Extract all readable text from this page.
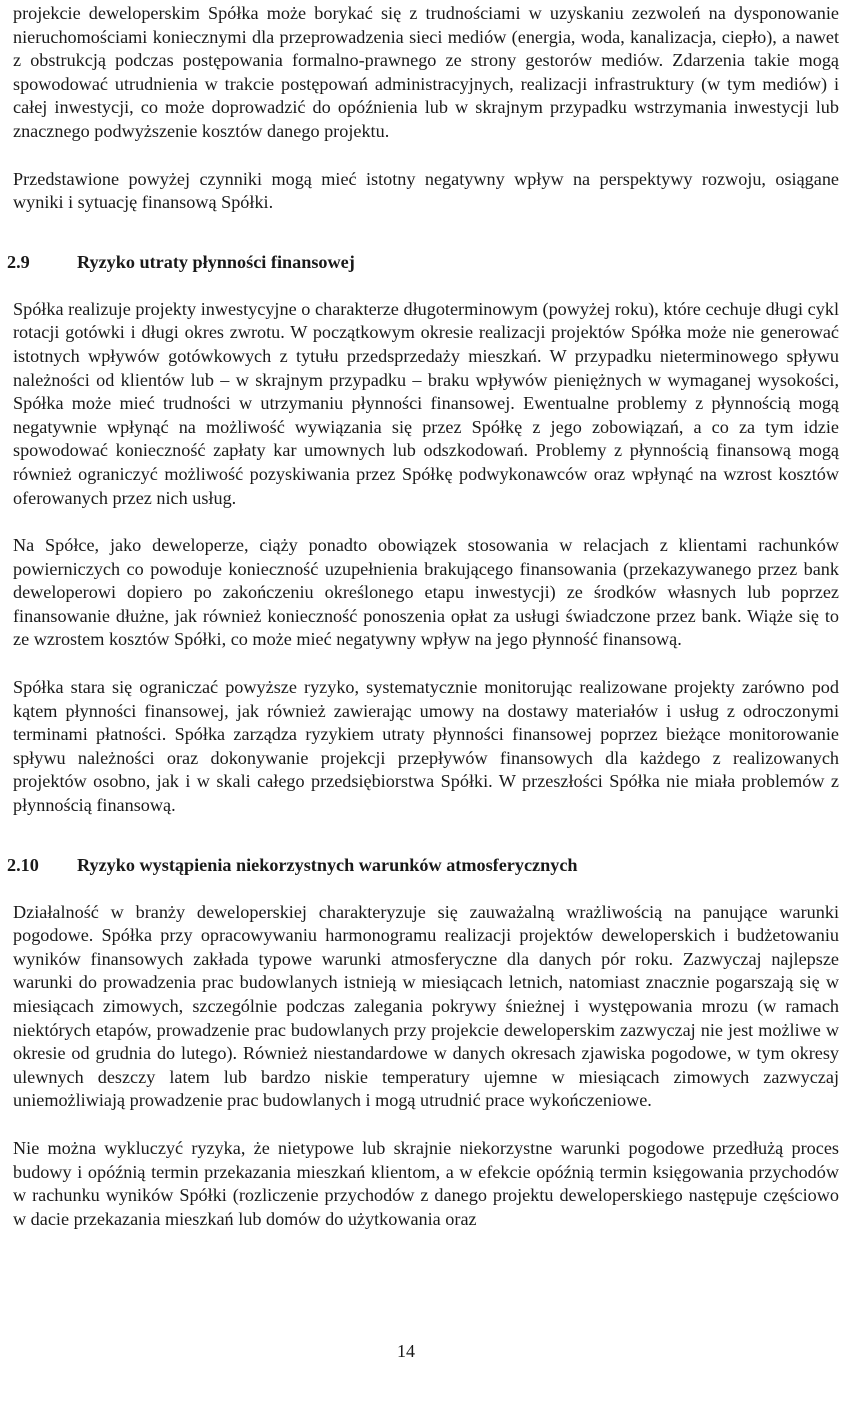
projekcie deweloperskim Spółka może borykać się z trudnościami w uzyskaniu zezwoleń na dysponowanie nieruchomościami koniecznymi dla przeprowadzenia sieci mediów (energia, woda, kanalizacja, ciepło), a nawet z obstrukcją podczas postępowania formalno-prawnego ze strony gestorów mediów. Zdarzenia takie mogą spowodować utrudnienia w trakcie postępowań administracyjnych, realizacji infrastruktury (w tym mediów) i całej inwestycji, co może doprowadzić do opóźnienia lub w skrajnym przypadku wstrzymania inwestycji lub znacznego podwyższenie kosztów danego projektu.

Przedstawione powyżej czynniki mogą mieć istotny negatywny wpływ na perspektywy rozwoju, osiągane wyniki i sytuację finansową Spółki.

2.9	Ryzyko utraty płynności finansowej

Spółka realizuje projekty inwestycyjne o charakterze długoterminowym (powyżej roku), które cechuje długi cykl rotacji gotówki i długi okres zwrotu. W początkowym okresie realizacji projektów Spółka może nie generować istotnych wpływów gotówkowych z tytułu przedsprzedaży mieszkań. W przypadku nieterminowego spływu należności od klientów lub – w skrajnym przypadku – braku wpływów pieniężnych w wymaganej wysokości, Spółka może mieć trudności w utrzymaniu płynności finansowej. Ewentualne problemy z płynnością mogą negatywnie wpłynąć na możliwość wywiązania się przez Spółkę z jego zobowiązań, a co za tym idzie spowodować konieczność zapłaty kar umownych lub odszkodowań. Problemy z płynnością finansową mogą również ograniczyć możliwość pozyskiwania przez Spółkę podwykonawców oraz wpłynąć na wzrost kosztów oferowanych przez nich usług.

Na Spółce, jako deweloperze, ciąży ponadto obowiązek stosowania w relacjach z klientami rachunków powierniczych co powoduje konieczność uzupełnienia brakującego finansowania (przekazywanego przez bank deweloperowi dopiero po zakończeniu określonego etapu inwestycji) ze środków własnych lub poprzez finansowanie dłużne, jak również konieczność ponoszenia opłat za usługi świadczone przez bank. Wiąże się to ze wzrostem kosztów Spółki, co może mieć negatywny wpływ na jego płynność finansową.

Spółka stara się ograniczać powyższe ryzyko, systematycznie monitorując realizowane projekty zarówno pod kątem płynności finansowej, jak również zawierając umowy na dostawy materiałów i usług z odroczonymi terminami płatności. Spółka zarządza ryzykiem utraty płynności finansowej poprzez bieżące monitorowanie spływu należności oraz dokonywanie projekcji przepływów finansowych dla każdego z realizowanych projektów osobno, jak i w skali całego przedsiębiorstwa Spółki. W przeszłości Spółka nie miała problemów z płynnością finansową.

2.10	Ryzyko wystąpienia niekorzystnych warunków atmosferycznych

Działalność w branży deweloperskiej charakteryzuje się zauważalną wrażliwością na panujące warunki pogodowe. Spółka przy opracowywaniu harmonogramu realizacji projektów deweloperskich i budżetowaniu wyników finansowych zakłada typowe warunki atmosferyczne dla danych pór roku. Zazwyczaj najlepsze warunki do prowadzenia prac budowlanych istnieją w miesiącach letnich, natomiast znacznie pogarszają się w miesiącach zimowych, szczególnie podczas zalegania pokrywy śnieżnej i występowania mrozu (w ramach niektórych etapów, prowadzenie prac budowlanych przy projekcie deweloperskim zazwyczaj nie jest możliwe w okresie od grudnia do lutego). Również niestandardowe w danych okresach zjawiska pogodowe, w tym okresy ulewnych deszczy latem lub bardzo niskie temperatury ujemne w miesiącach zimowych zazwyczaj uniemożliwiają prowadzenie prac budowlanych i mogą utrudnić prace wykończeniowe.

Nie można wykluczyć ryzyka, że nietypowe lub skrajnie niekorzystne warunki pogodowe przedłużą proces budowy i opóźnią termin przekazania mieszkań klientom, a w efekcie opóźnią termin księgowania przychodów w rachunku wyników Spółki (rozliczenie przychodów z danego projektu deweloperskiego następuje częściowo w dacie przekazania mieszkań lub domów do użytkowania oraz

14
